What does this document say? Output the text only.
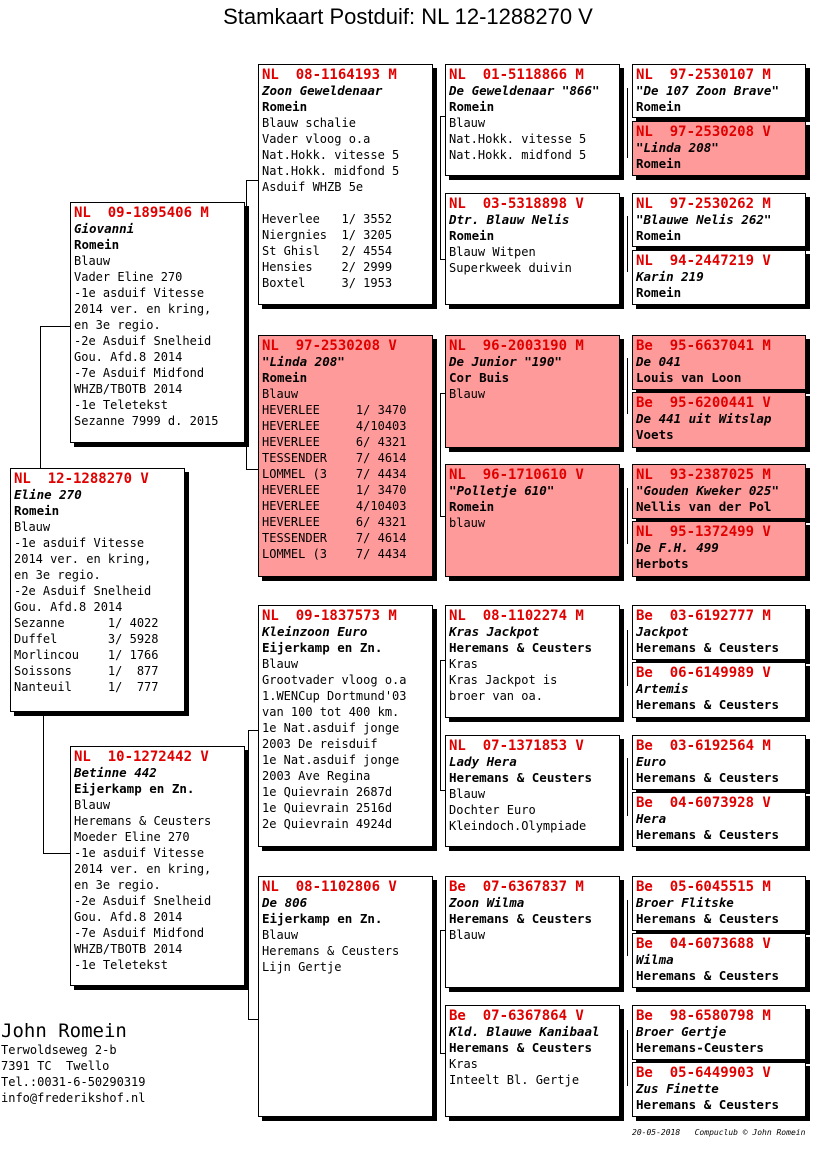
Stamkaart Postduif: NL 12-1288270 V
NL  12-1288270 V
Eline 270
Romein
Blauw
-1e asduif Vitesse
2014 ver. en kring,
en 3e regio.
-2e Asduif Snelheid
Gou. Afd.8 2014
Sezanne      1/ 4022
Duffel       3/ 5928
Morlincou    1/ 1766
Soissons     1/  877
Nanteuil     1/  777
NL  09-1895406 M
Giovanni
Romein
Blauw
Vader Eline 270
-1e asduif Vitesse
2014 ver. en kring,
en 3e regio.
-2e Asduif Snelheid
Gou. Afd.8 2014
-7e Asduif Midfond
WHZB/TBOTB 2014
-1e Teletekst
Sezanne 7999 d. 2015
NL  10-1272442 V
Betinne 442
Eijerkamp en Zn.
Blauw
Heremans & Ceusters
Moeder Eline 270
-1e asduif Vitesse
2014 ver. en kring,
en 3e regio.
-2e Asduif Snelheid
Gou. Afd.8 2014
-7e Asduif Midfond
WHZB/TBOTB 2014
-1e Teletekst
NL  08-1164193 M
Zoon Geweldenaar
Romein
Blauw schalie
Vader vloog o.a
Nat.Hokk. vitesse 5
Nat.Hokk. midfond 5
Asduif WHZB 5e

Heverlee   1/ 3552
Niergnies  1/ 3205
St Ghisl   2/ 4554
Hensies    2/ 2999
Boxtel     3/ 1953
NL  97-2530208 V
"Linda 208"
Romein
Blauw
HEVERLEE     1/ 3470
HEVERLEE     4/10403
HEVERLEE     6/ 4321
TESSENDER    7/ 4614
LOMMEL (3    7/ 4434
HEVERLEE     1/ 3470
HEVERLEE     4/10403
HEVERLEE     6/ 4321
TESSENDER    7/ 4614
LOMMEL (3    7/ 4434
NL  09-1837573 M
Kleinzoon Euro
Eijerkamp en Zn.
Blauw
Grootvader vloog o.a
1.WENCup Dortmund'03
van 100 tot 400 km.
1e Nat.asduif jonge
2003 De reisduif
1e Nat.asduif jonge
2003 Ave Regina
1e Quievrain 2687d
1e Quievrain 2516d
2e Quievrain 4924d
NL  08-1102806 V
De 806
Eijerkamp en Zn.
Blauw
Heremans & Ceusters
Lijn Gertje
NL  01-5118866 M
De Geweldenaar "866"
Romein
Blauw
Nat.Hokk. vitesse 5
Nat.Hokk. midfond 5
NL  03-5318898 V
Dtr. Blauw Nelis
Romein
Blauw Witpen
Superkweek duivin
NL  96-2003190 M
De Junior "190"
Cor Buis
Blauw
NL  96-1710610 V
"Polletje 610"
Romein
blauw
NL  08-1102274 M
Kras Jackpot
Heremans & Ceusters
Kras
Kras Jackpot is
broer van oa.
NL  07-1371853 V
Lady Hera
Heremans & Ceusters
Blauw
Dochter Euro
Kleindoch.Olympiade
Be  07-6367837 M
Zoon Wilma
Heremans & Ceusters
Blauw
Be  07-6367864 V
Kld. Blauwe Kanibaal
Heremans & Ceusters
Kras
Inteelt Bl. Gertje
NL  97-2530107 M
"De 107 Zoon Brave"
Romein
NL  97-2530208 V
"Linda 208"
Romein
NL  97-2530262 M
"Blauwe Nelis 262"
Romein
NL  94-2447219 V
Karin 219
Romein
Be  95-6637041 M
De 041
Louis van Loon
Be  95-6200441 V
De 441 uit Witslap
Voets
NL  93-2387025 M
"Gouden Kweker 025"
Nellis van der Pol
NL  95-1372499 V
De F.H. 499
Herbots
Be  03-6192777 M
Jackpot
Heremans & Ceusters
Be  06-6149989 V
Artemis
Heremans & Ceusters
Be  03-6192564 M
Euro
Heremans & Ceusters
Be  04-6073928 V
Hera
Heremans & Ceusters
Be  05-6045515 M
Broer Flitske
Heremans & Ceusters
Be  04-6073688 V
Wilma
Heremans & Ceusters
Be  98-6580798 M
Broer Gertje
Heremans-Ceusters
Be  05-6449903 V
Zus Finette
Heremans & Ceusters
John Romein
Terwoldseweg 2-b
7391 TC  Twello
Tel.:0031-6-50290319
info@frederikshof.nl
20-05-2018   Compuclub © John Romein
